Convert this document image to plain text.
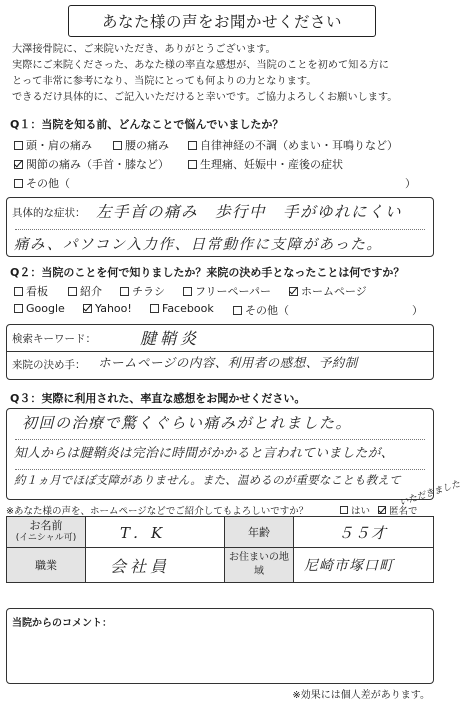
あなた様の声をお聞かせください
大澤接骨院に、ご来院いただき、ありがとうございます。
実際にご来院くださった、あなた様の率直な感想が、当院のことを初めて知る方に
とって非常に参考になり、当院にとっても何よりの力となります。
できるだけ具体的に、ご記入いただけると幸いです。ご協力よろしくお願いします。
Q１：当院を知る前、どんなことで悩んでいましたか？
頭・肩の痛み	腰の痛み	自律神経の不調（めまい・耳鳴りなど）
関節の痛み（手首・膝など）	生理痛、妊娠中・産後の症状
その他（	）
具体的な症状： 左手首の痛み　歩行中　手がゆれにくい
痛み、パソコン入力作、日常動作に支障があった。
Q２：当院のことを何で知りましたか？来院の決め手となったことは何ですか？
看板	紹介	チラシ	フリーペーパー	ホームページ
Google	Yahoo!	Facebook	その他（	）
検索キーワード：	腱鞘炎
来院の決め手： ホームページの内容、利用者の感想、予約制
Q３：実際に利用された、率直な感想をお聞かせください。
初回の治療で驚くぐらい痛みがとれました。
知人からは腱鞘炎は完治に時間がかかると言われていましたが、
約１ヵ月でほぼ支障がありません。また、温めるのが重要なことも教えて
いただきました
※あなた様の声を、ホームページなどでご紹介してもよろしいですか？	はい 匿名で
お名前
(イニシャル可)	T．K	年齢	５５才
職業	会社員	お住まいの地域	尼崎市塚口町
当院からのコメント：
※効果には個人差があります。
